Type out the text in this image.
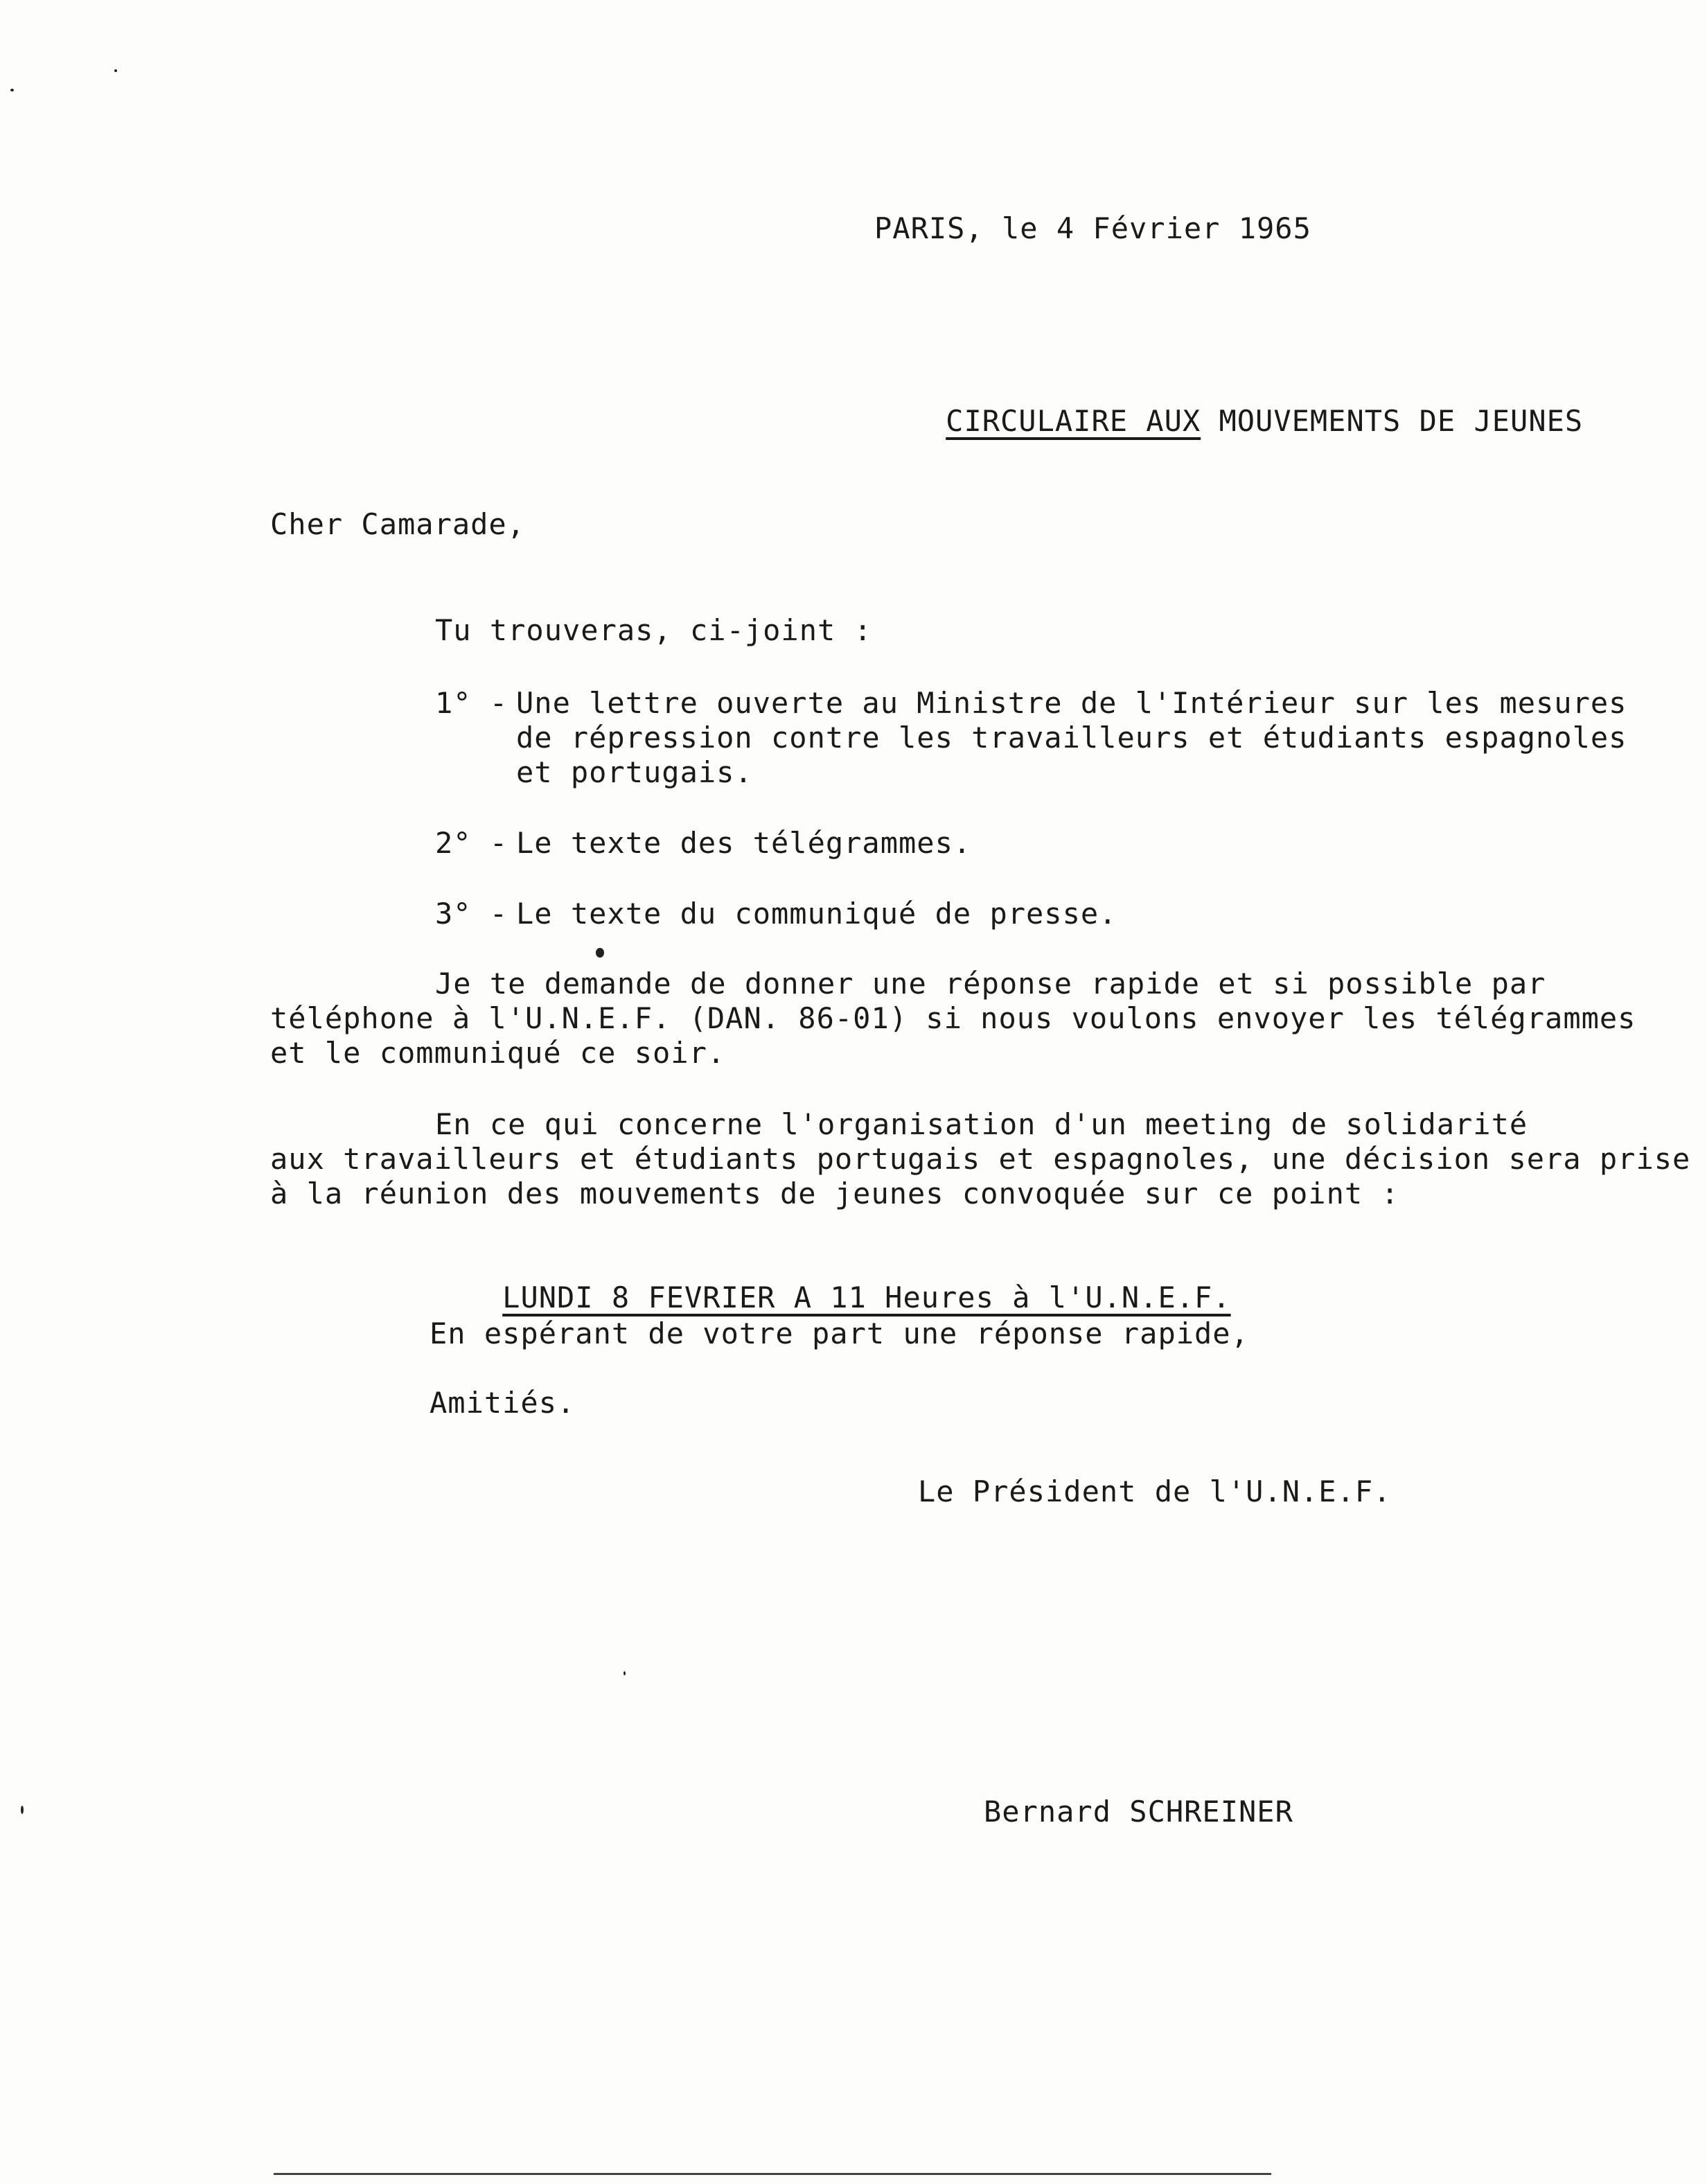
PARIS, le 4 Février 1965

CIRCULAIRE AUX MOUVEMENTS DE JEUNES

Cher Camarade,
Tu trouveras, ci-joint :
1° - Une lettre ouverte au Ministre de l'Intérieur sur les mesures
de répression contre les travailleurs et étudiants espagnoles
et portugais.
2° - Le texte des télégrammes.
3° - Le texte du communiqué de presse.
Je te demande de donner une réponse rapide et si possible par
téléphone à l'U.N.E.F. (DAN. 86-01) si nous voulons envoyer les télégrammes
et le communiqué ce soir.
En ce qui concerne l'organisation d'un meeting de solidarité
aux travailleurs et étudiants portugais et espagnoles, une décision sera prise
à la réunion des mouvements de jeunes convoquée sur ce point :

LUNDI 8 FEVRIER A 11 Heures à l'U.N.E.F.

En espérant de votre part une réponse rapide,
Amitiés.
Le Président de l'U.N.E.F.
Bernard SCHREINER
